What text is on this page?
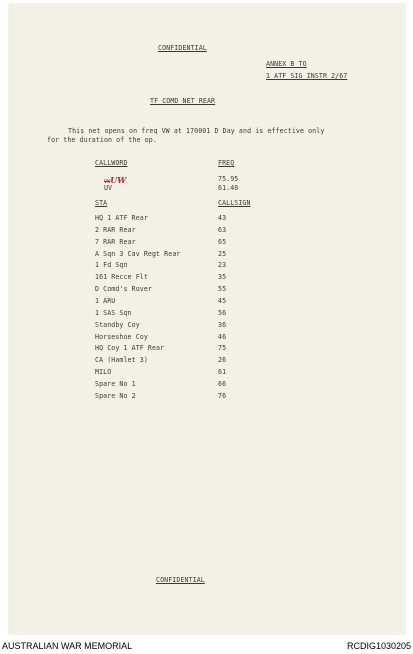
CONFIDENTIAL
ANNEX B TO
1 ATF SIG INSTR 2/67
TF COMD NET REAR
This net opens on freq VW at 170001 D Day and is effective only
for the duration of the op.
CALLWORD	FREQ
VWUW	75.95
UV	61.40
STA	CALLSIGN
HQ 1 ATF Rear	43
2 RAR Rear	63
7 RAR Rear	65
A Sqn 3 Cav Regt Rear	25
1 Fd Sqn	23
161 Recce Flt	35
D Comd's Rover	55
1 ARU	45
1 SAS Sqn	56
Standby Coy	36
Horseshoe Coy	46
HQ Coy 1 ATF Rear	75
CA (Hamlet 3)	26
MILO	61
Spare No 1	66
Spare No 2	76
CONFIDENTIAL
AUSTRALIAN WAR MEMORIAL	RCDIG1030205
